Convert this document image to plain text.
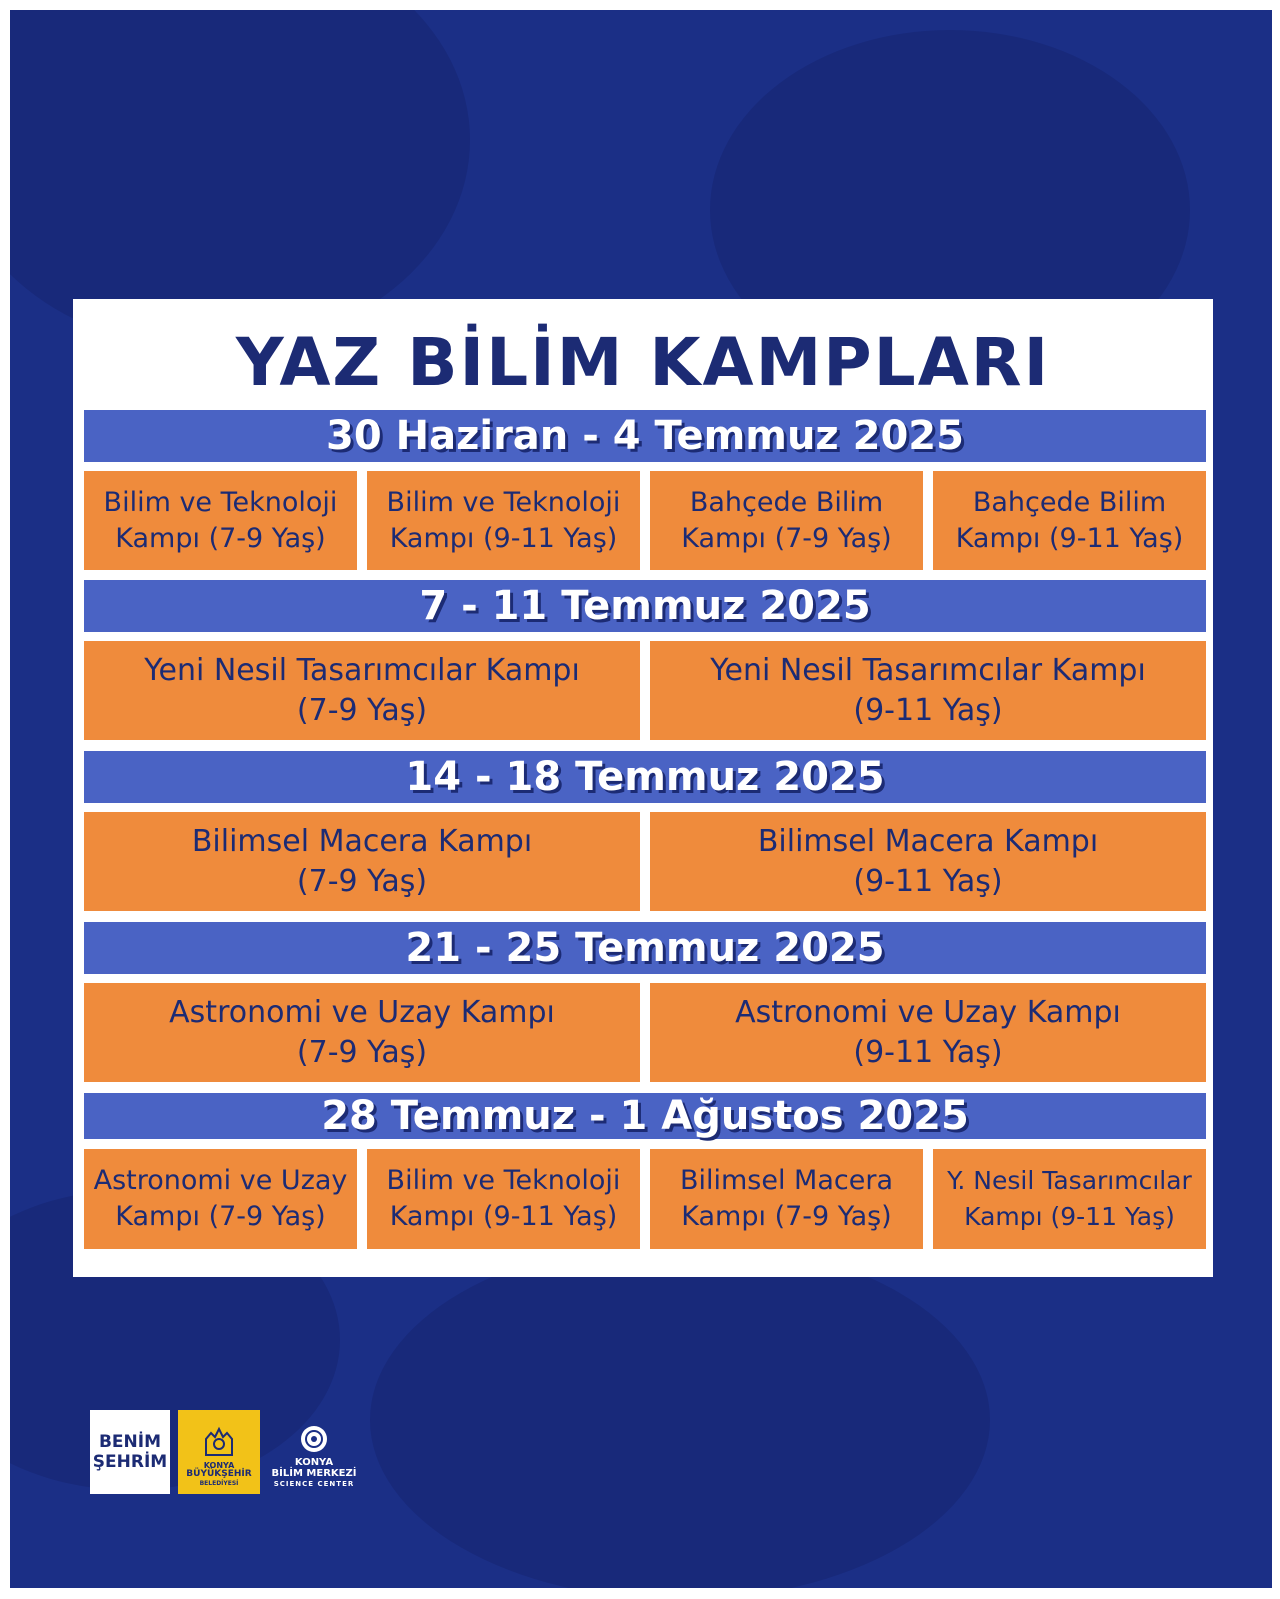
YAZ BİLİM KAMPLARI
30 Haziran - 4 Temmuz 2025
Bilim ve Teknoloji
Kampı (7-9 Yaş)
Bilim ve Teknoloji
Kampı (9-11 Yaş)
Bahçede Bilim
Kampı (7-9 Yaş)
Bahçede Bilim
Kampı (9-11 Yaş)
7 - 11 Temmuz 2025
Yeni Nesil Tasarımcılar Kampı
(7-9 Yaş)
Yeni Nesil Tasarımcılar Kampı
(9-11 Yaş)
14 - 18 Temmuz 2025
Bilimsel Macera Kampı
(7-9 Yaş)
Bilimsel Macera Kampı
(9-11 Yaş)
21 - 25 Temmuz 2025
Astronomi ve Uzay Kampı
(7-9 Yaş)
Astronomi ve Uzay Kampı
(9-11 Yaş)
28 Temmuz - 1 Ağustos 2025
Astronomi ve Uzay
Kampı (7-9 Yaş)
Bilim ve Teknoloji
Kampı (9-11 Yaş)
Bilimsel Macera
Kampı (7-9 Yaş)
Y. Nesil Tasarımcılar
Kampı (9-11 Yaş)
BENİM
ŞEHRİM	KONYA
BÜYÜKŞEHİR
BELEDİYESİ
KONYA
BİLİM MERKEZİ
SCIENCE CENTER
